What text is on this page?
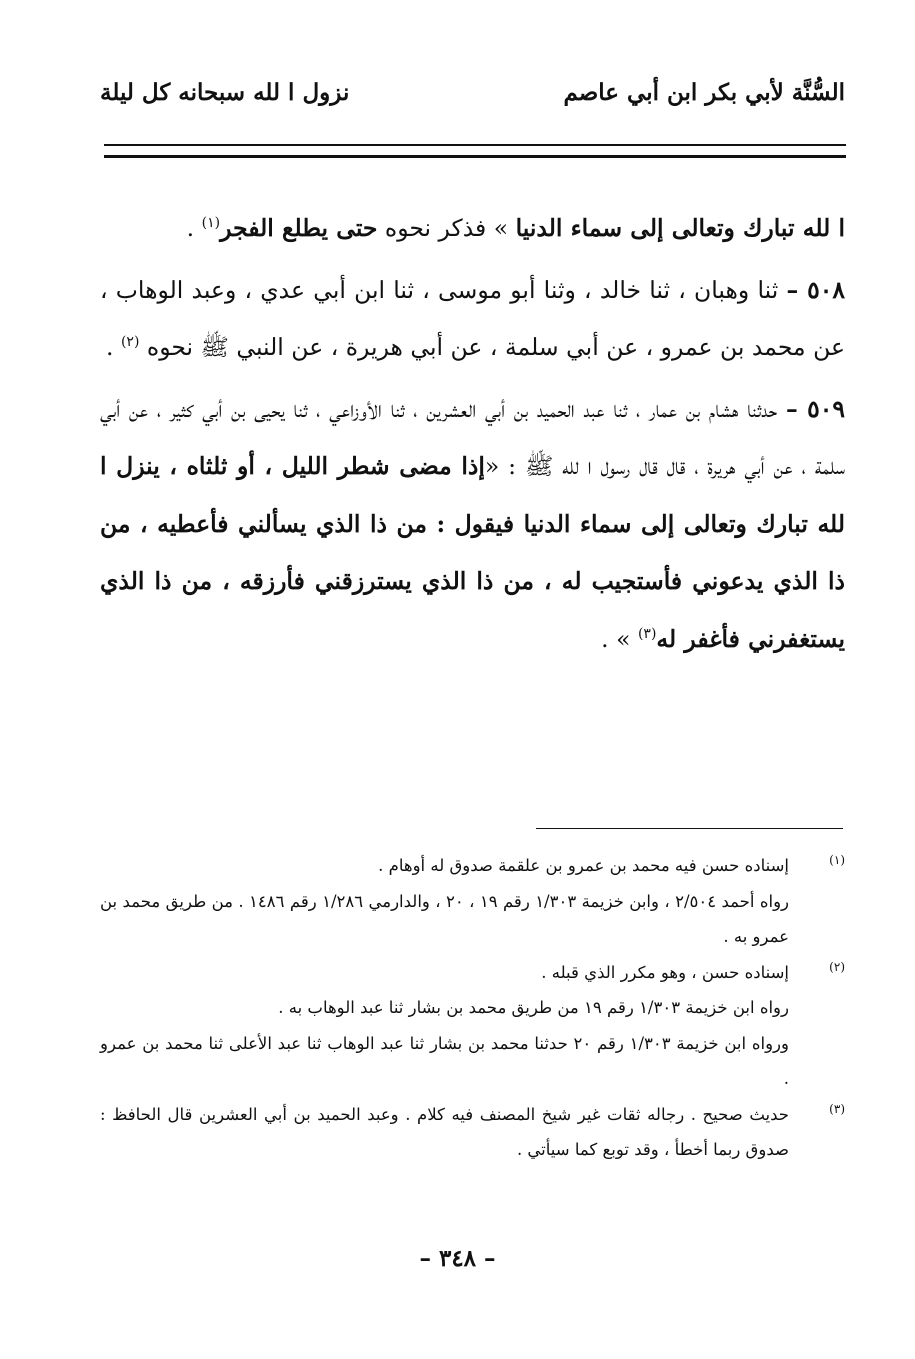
السُّنَّة لأبي بكر ابن أبي عاصم
نزول ا لله سبحانه كل ليلة

ا لله تبارك وتعالى إلى سماء الدنيا » فذكر نحوه حتى يطلع الفجر$^{(١)}$ .

٥٠٨ – ثنا وهبان ، ثنا خالد ، وثنا أبو موسى ، ثنا ابن أبي عدي ، وعبد الوهاب ، عن محمد بن عمرو ، عن أبي سلمة ، عن أبي هريرة ، عن النبي ﷺ نحوه $^{(٢)}$ .

٥٠٩ – حدثنا هشام بن عمار ، ثنا عبد الحميد بن أبي العشرين ، ثنا الأوزاعي ، ثنا يحيى بن أبي كثير ، عن أبي سلمة ، عن أبي هريرة ، قال قال رسول ا لله ﷺ : «إذا مضى شطر الليل ، أو ثلثاه ، ينزل ا لله تبارك وتعالى إلى سماء الدنيا فيقول : من ذا الذي يسألني فأعطيه ، من ذا الذي يدعوني فأستجيب له ، من ذا الذي يسترزقني فأرزقه ، من ذا الذي يستغفرني فأغفر له$^{(٣)}$ » .

(١)
إسناده حسن فيه محمد بن عمرو بن علقمة صدوق له أوهام .
رواه أحمد ٢/٥٠٤ ، وابن خزيمة ١/٣٠٣ رقم ١٩ ، ٢٠ ، والدارمي ١/٢٨٦ رقم ١٤٨٦ . من طريق محمد بن عمرو به .
(٢)
إسناده حسن ، وهو مكرر الذي قبله .
رواه ابن خزيمة ١/٣٠٣ رقم ١٩ من طريق محمد بن بشار ثنا عبد الوهاب به .
ورواه ابن خزيمة ١/٣٠٣ رقم ٢٠ حدثنا محمد بن بشار ثنا عبد الوهاب ثنا عبد الأعلى ثنا محمد بن عمرو .
(٣)
حديث صحيح . رجاله ثقات غير شيخ المصنف فيه كلام . وعبد الحميد بن أبي العشرين قال الحافظ : صدوق ربما أخطأ ، وقد توبع كما سيأتي .
– ٣٤٨ –
